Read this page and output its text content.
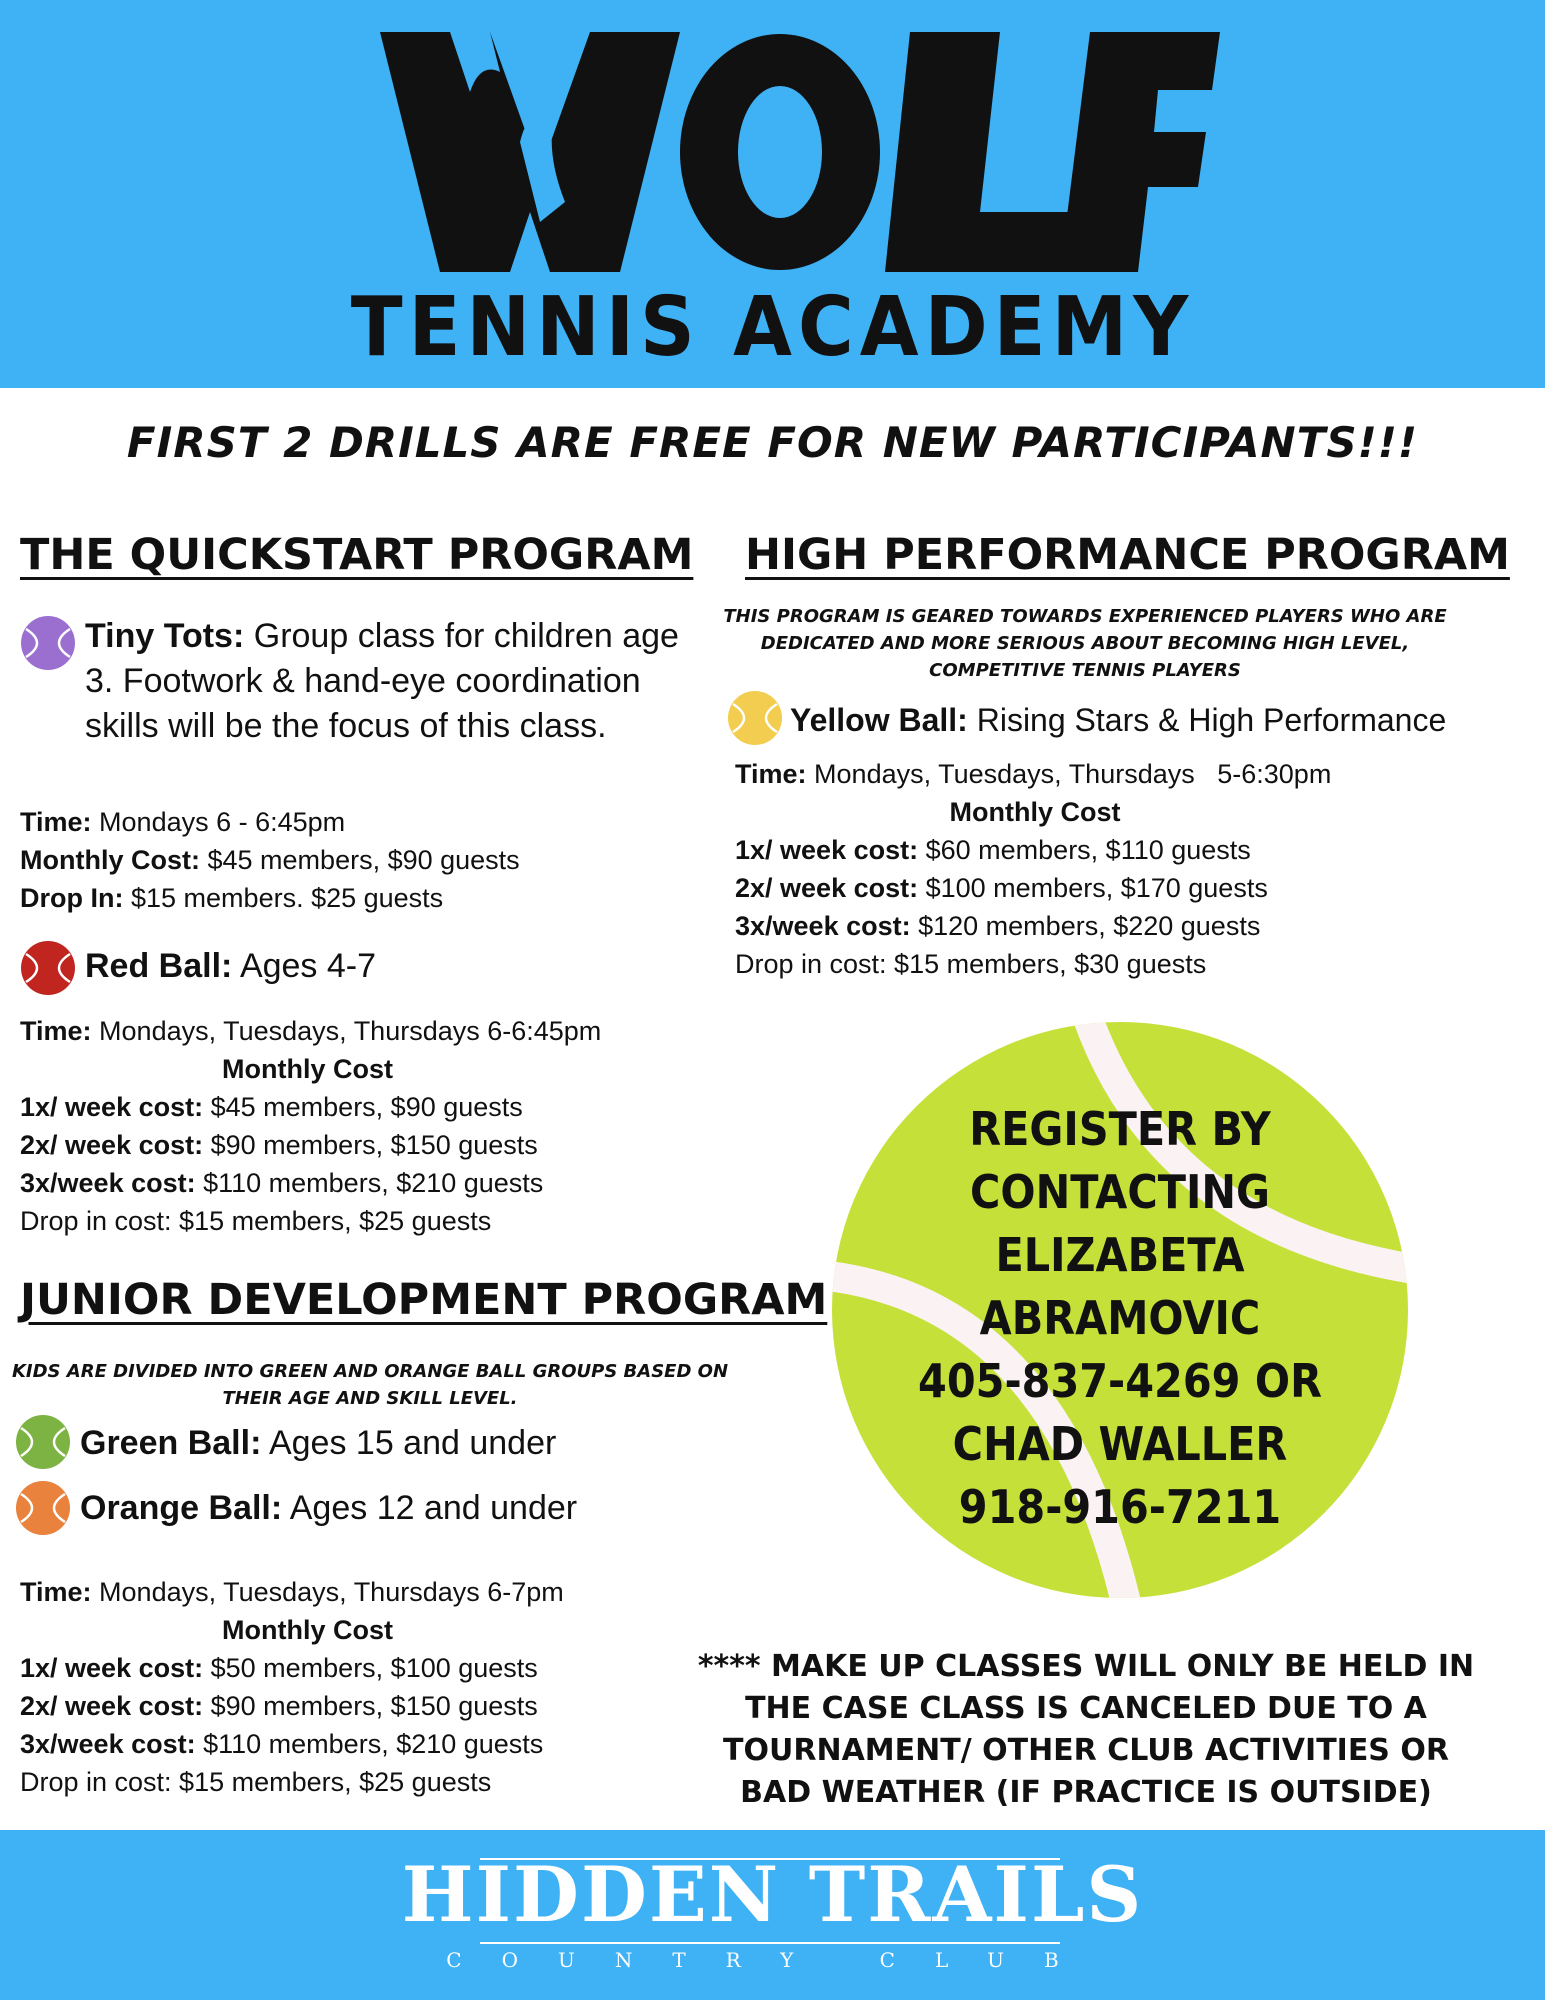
TENNIS ACADEMY
FIRST 2 DRILLS ARE FREE FOR NEW PARTICIPANTS!!!
THE QUICKSTART PROGRAM
Tiny Tots: Group class for children age 3. Footwork & hand-eye coordination skills will be the focus of this class.
Time: Mondays 6 - 6:45pm
Monthly Cost: $45 members, $90 guests
Drop In: $15 members. $25 guests
Red Ball: Ages 4-7
Time: Mondays, Tuesdays, Thursdays 6-6:45pm
Monthly Cost
1x/ week cost: $45 members, $90 guests
2x/ week cost: $90 members, $150 guests
3x/week cost: $110 members, $210 guests
Drop in cost: $15 members, $25 guests
JUNIOR DEVELOPMENT PROGRAM
KIDS ARE DIVIDED INTO GREEN AND ORANGE BALL GROUPS BASED ON THEIR AGE AND SKILL LEVEL.
Green Ball: Ages 15 and under
Orange Ball: Ages 12 and under
Time: Mondays, Tuesdays, Thursdays 6-7pm
Monthly Cost
1x/ week cost: $50 members, $100 guests
2x/ week cost: $90 members, $150 guests
3x/week cost: $110 members, $210 guests
Drop in cost: $15 members, $25 guests
HIGH PERFORMANCE PROGRAM
THIS PROGRAM IS GEARED TOWARDS EXPERIENCED PLAYERS WHO ARE DEDICATED AND MORE SERIOUS ABOUT BECOMING HIGH LEVEL, COMPETITIVE TENNIS PLAYERS
Yellow Ball: Rising Stars & High Performance
Time: Mondays, Tuesdays, Thursdays   5-6:30pm
Monthly Cost
1x/ week cost: $60 members, $110 guests
2x/ week cost: $100 members, $170 guests
3x/week cost: $120 members, $220 guests
Drop in cost: $15 members, $30 guests
REGISTER BY
CONTACTING
ELIZABETA
ABRAMOVIC
405-837-4269 OR
CHAD WALLER
918-916-7211
**** MAKE UP CLASSES WILL ONLY BE HELD IN THE CASE CLASS IS CANCELED DUE TO A TOURNAMENT/ OTHER CLUB ACTIVITIES OR BAD WEATHER (IF PRACTICE IS OUTSIDE)
HIDDEN TRAILS
COUNTRY CLUB
